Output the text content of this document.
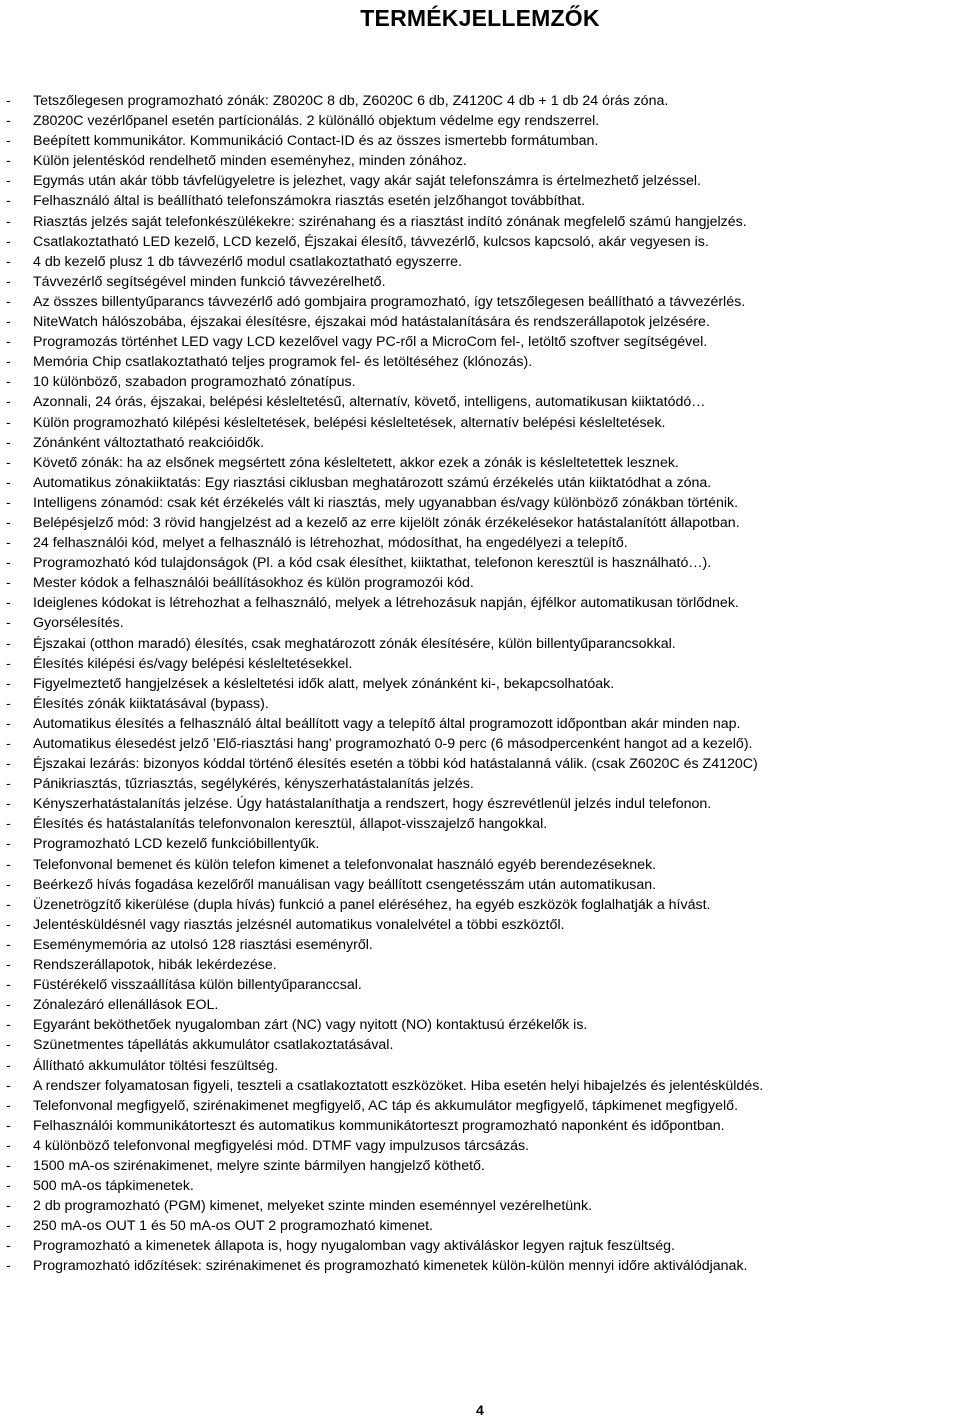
TERMÉKJELLEMZŐK
- Tetszőlegesen programozható zónák: Z8020C 8 db, Z6020C 6 db, Z4120C 4 db + 1 db 24 órás zóna.
- Z8020C vezérlőpanel esetén partícionálás. 2 különálló objektum védelme egy rendszerrel.
- Beépített kommunikátor. Kommunikáció Contact-ID és az összes ismertebb formátumban.
- Külön jelentéskód rendelhető minden eseményhez, minden zónához.
- Egymás után akár több távfelügyeletre is jelezhet, vagy akár saját telefonszámra is értelmezhető jelzéssel.
- Felhasználó által is beállítható telefonszámokra riasztás esetén jelzőhangot továbbíthat.
- Riasztás jelzés saját telefonkészülékekre: szirénahang és a riasztást indító zónának megfelelő számú hangjelzés.
- Csatlakoztatható LED kezelő, LCD kezelő, Éjszakai élesítő, távvezérlő, kulcsos kapcsoló, akár vegyesen is.
- 4 db kezelő plusz 1 db távvezérlő modul csatlakoztatható egyszerre.
- Távvezérlő segítségével minden funkció távvezérelhető.
- Az összes billentyűparancs távvezérlő adó gombjaira programozható, így tetszőlegesen beállítható a távvezérlés.
- NiteWatch hálószobába, éjszakai élesítésre, éjszakai mód hatástalanítására és rendszerállapotok jelzésére.
- Programozás történhet LED vagy LCD kezelővel vagy PC-ről a MicroCom fel-, letöltő szoftver segítségével.
- Memória Chip csatlakoztatható teljes programok fel- és letöltéséhez (klónozás).
- 10 különböző, szabadon programozható zónatípus.
- Azonnali, 24 órás, éjszakai, belépési késleltetésű, alternatív, követő, intelligens, automatikusan kiiktatódó…
- Külön programozható kilépési késleltetések, belépési késleltetések, alternatív belépési késleltetések.
- Zónánként változtatható reakcióidők.
- Követő zónák: ha az elsőnek megsértett zóna késleltetett, akkor ezek a zónák is késleltetettek lesznek.
- Automatikus zónakiiktatás: Egy riasztási ciklusban meghatározott számú érzékelés után kiiktatódhat a zóna.
- Intelligens zónamód: csak két érzékelés vált ki riasztás, mely ugyanabban és/vagy különböző zónákban történik.
- Belépésjelző mód: 3 rövid hangjelzést ad a kezelő az erre kijelölt zónák érzékelésekor hatástalanítótt állapotban.
- 24 felhasználói kód, melyet a felhasználó is létrehozhat, módosíthat, ha engedélyezi a telepítő.
- Programozható kód tulajdonságok (Pl. a kód csak élesíthet, kiiktathat, telefonon keresztül is használható…).
- Mester kódok a felhasználói beállításokhoz és külön programozói kód.
- Ideiglenes kódokat is létrehozhat a felhasználó, melyek a létrehozásuk napján, éjfélkor automatikusan törlődnek.
- Gyorsélesítés.
- Éjszakai (otthon maradó) élesítés, csak meghatározott zónák élesítésére, külön billentyűparancsokkal.
- Élesítés kilépési és/vagy belépési késleltetésekkel.
- Figyelmeztető hangjelzések a késleltetési idők alatt, melyek zónánként ki-, bekapcsolhatóak.
- Élesítés zónák kiiktatásával (bypass).
- Automatikus élesítés a felhasználó által beállított vagy a telepítő által programozott időpontban akár minden nap.
- Automatikus élesedést jelző ’Elő-riasztási hang’ programozható 0-9 perc (6 másodpercenként hangot ad a kezelő).
- Éjszakai lezárás: bizonyos kóddal történő élesítés esetén a többi kód hatástalanná válik. (csak Z6020C és Z4120C)
- Pánikriasztás, tűzriasztás, segélykérés, kényszerhatástalanítás jelzés.
- Kényszerhatástalanítás jelzése. Úgy hatástalaníthatja a rendszert, hogy észrevétlenül jelzés indul telefonon.
- Élesítés és hatástalanítás telefonvonalon keresztül, állapot-visszajelző hangokkal.
- Programozható LCD kezelő funkcióbillentyűk.
- Telefonvonal bemenet és külön telefon kimenet a telefonvonalat használó egyéb berendezéseknek.
- Beérkező hívás fogadása kezelőről manuálisan vagy beállított csengetésszám után automatikusan.
- Üzenetrögzítő kikerülése (dupla hívás) funkció a panel eléréséhez, ha egyéb eszközök foglalhatják a hívást.
- Jelentésküldésnél vagy riasztás jelzésnél automatikus vonalelvétel a többi eszköztől.
- Eseménymemória az utolsó 128 riasztási eseményről.
- Rendszerállapotok, hibák lekérdezése.
- Füstérékelő visszaállítása külön billentyűparanccsal.
- Zónalezáró ellenállások EOL.
- Egyaránt beköthetőek nyugalomban zárt (NC) vagy nyitott (NO) kontaktusú érzékelők is.
- Szünetmentes tápellátás akkumulátor csatlakoztatásával.
- Állítható akkumulátor töltési feszültség.
- A rendszer folyamatosan figyeli, teszteli a csatlakoztatott eszközöket. Hiba esetén helyi hibajelzés és jelentésküldés.
- Telefonvonal megfigyelő, szirénakimenet megfigyelő, AC táp és akkumulátor megfigyelő, tápkimenet megfigyelő.
- Felhasználói kommunikátorteszt és automatikus kommunikátorteszt programozható naponként és időpontban.
- 4 különböző telefonvonal megfigyelési mód. DTMF vagy impulzusos tárcsázás.
- 1500 mA-os szirénakimenet, melyre szinte bármilyen hangjelző köthető.
- 500 mA-os tápkimenetek.
- 2 db programozható (PGM) kimenet, melyeket szinte minden eseménnyel vezérelhetünk.
- 250 mA-os OUT 1 és 50 mA-os OUT 2 programozható kimenet.
- Programozható a kimenetek állapota is, hogy nyugalomban vagy aktiváláskor legyen rajtuk feszültség.
- Programozható időzítések: szirénakimenet és programozható kimenetek külön-külön mennyi időre aktiválódjanak.
4
